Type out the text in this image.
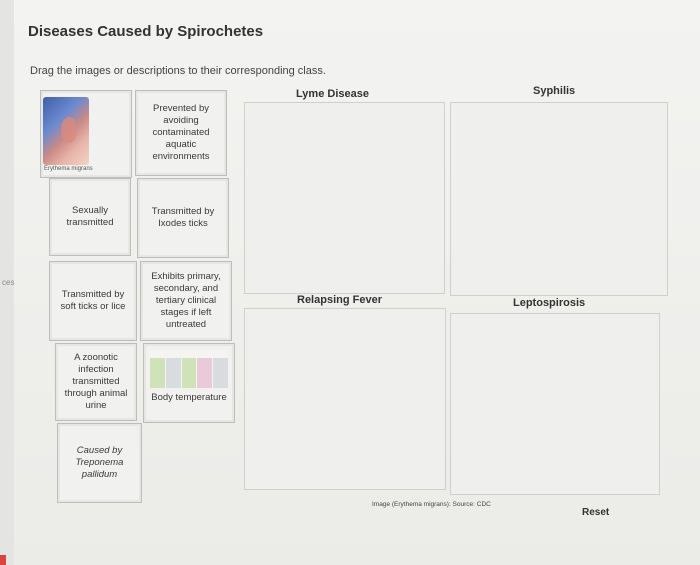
ces
Diseases Caused by Spirochetes
Drag the images or descriptions to their corresponding class.
Erythema migrans
Sexually transmitted
Transmitted by soft ticks or lice
A zoonotic infection transmitted through animal urine
Caused by Treponema pallidum
Prevented by avoiding contaminated aquatic environments
Transmitted by Ixodes ticks
Exhibits primary, secondary, and tertiary clinical stages if left untreated
Body temperature
Lyme Disease	Syphilis
Relapsing Fever	Leptospirosis
Image (Erythema migrans): Source: CDC
Reset
